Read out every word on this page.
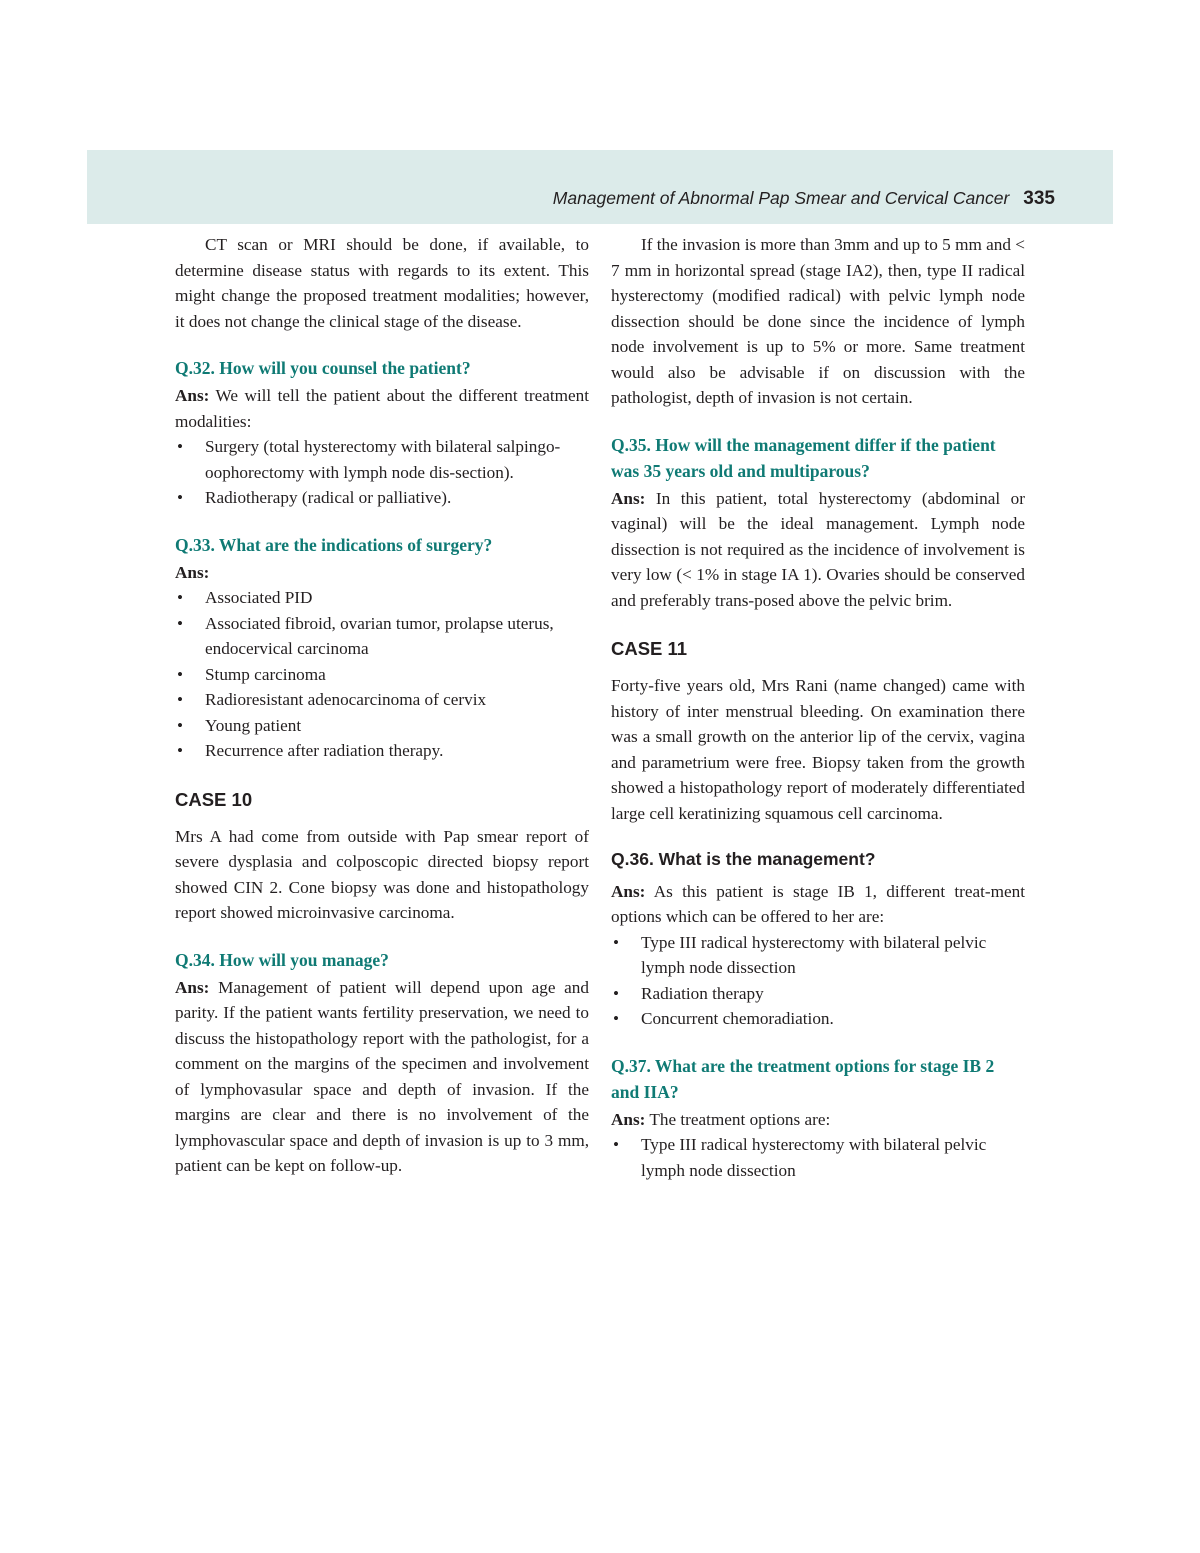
Management of Abnormal Pap Smear and Cervical Cancer 335

CT scan or MRI should be done, if available, to determine disease status with regards to its extent. This might change the proposed treatment modalities; however, it does not change the clinical stage of the disease.

Q.32. How will you counsel the patient?

Ans: We will tell the patient about the different treatment modalities:

• Surgery (total hysterectomy with bilateral salpingo-oophorectomy with lymph node dis-section).
• Radiotherapy (radical or palliative).
Q.33. What are the indications of surgery?

Ans:

• Associated PID
• Associated fibroid, ovarian tumor, prolapse uterus, endocervical carcinoma
• Stump carcinoma
• Radioresistant adenocarcinoma of cervix
• Young patient
• Recurrence after radiation therapy.
CASE 10

Mrs A had come from outside with Pap smear report of severe dysplasia and colposcopic directed biopsy report showed CIN 2. Cone biopsy was done and histopathology report showed microinvasive carcinoma.

Q.34. How will you manage?

Ans: Management of patient will depend upon age and parity. If the patient wants fertility preservation, we need to discuss the histopathology report with the pathologist, for a comment on the margins of the specimen and involvement of lymphovasular space and depth of invasion. If the margins are clear and there is no involvement of the lymphovascular space and depth of invasion is up to 3 mm, patient can be kept on follow-up.

If the invasion is more than 3mm and up to 5 mm and < 7 mm in horizontal spread (stage IA2), then, type II radical hysterectomy (modified radical) with pelvic lymph node dissection should be done since the incidence of lymph node involvement is up to 5% or more. Same treatment would also be advisable if on discussion with the pathologist, depth of invasion is not certain.

Q.35. How will the management differ if the patient was 35 years old and multiparous?

Ans: In this patient, total hysterectomy (abdominal or vaginal) will be the ideal management. Lymph node dissection is not required as the incidence of involvement is very low (< 1% in stage IA 1). Ovaries should be conserved and preferably trans-posed above the pelvic brim.

CASE 11

Forty-five years old, Mrs Rani (name changed) came with history of inter menstrual bleeding. On examination there was a small growth on the anterior lip of the cervix, vagina and parametrium were free. Biopsy taken from the growth showed a histopathology report of moderately differentiated large cell keratinizing squamous cell carcinoma.

Q.36. What is the management?

Ans: As this patient is stage IB 1, different treat-ment options which can be offered to her are:

• Type III radical hysterectomy with bilateral pelvic lymph node dissection
• Radiation therapy
• Concurrent chemoradiation.
Q.37. What are the treatment options for stage IB 2 and IIA?

Ans: The treatment options are:

• Type III radical hysterectomy with bilateral pelvic lymph node dissection
